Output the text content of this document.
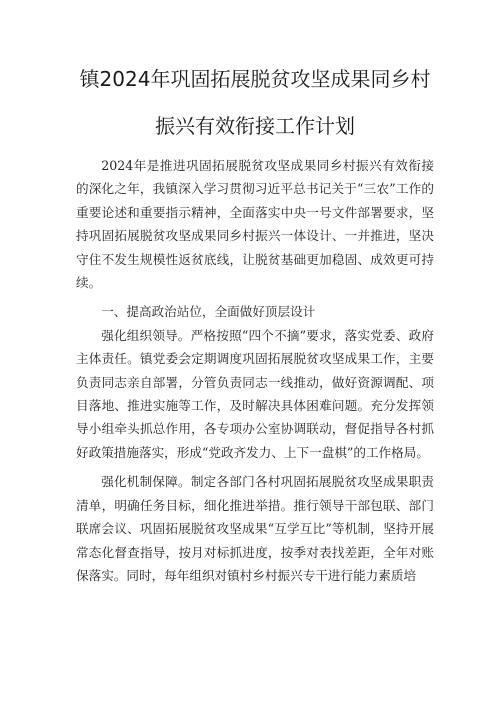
镇2024年巩固拓展脱贫攻坚成果同乡村
振兴有效衔接工作计划

2024年是推进巩固拓展脱贫攻坚成果同乡村振兴有效衔接的深化之年，我镇深入学习贯彻习近平总书记关于“三农”工作的重要论述和重要指示精神，全面落实中央一号文件部署要求，坚持巩固拓展脱贫攻坚成果同乡村振兴一体设计、一并推进，坚决守住不发生规模性返贫底线，让脱贫基础更加稳固、成效更可持续。

一、提高政治站位，全面做好顶层设计

强化组织领导。严格按照“四个不摘”要求，落实党委、政府主体责任。镇党委会定期调度巩固拓展脱贫攻坚成果工作，主要负责同志亲自部署，分管负责同志一线推动，做好资源调配、项目落地、推进实施等工作，及时解决具体困难问题。充分发挥领导小组牵头抓总作用，各专项办公室协调联动，督促指导各村抓好政策措施落实，形成“党政齐发力、上下一盘棋”的工作格局。

强化机制保障。制定各部门各村巩固拓展脱贫攻坚成果职责清单，明确任务目标，细化推进举措。推行领导干部包联、部门联席会议、巩固拓展脱贫攻坚成果“互学互比”等机制，坚持开展常态化督查指导，按月对标抓进度，按季对表找差距，全年对账保落实。同时，每年组织对镇村乡村振兴专干进行能力素质培
